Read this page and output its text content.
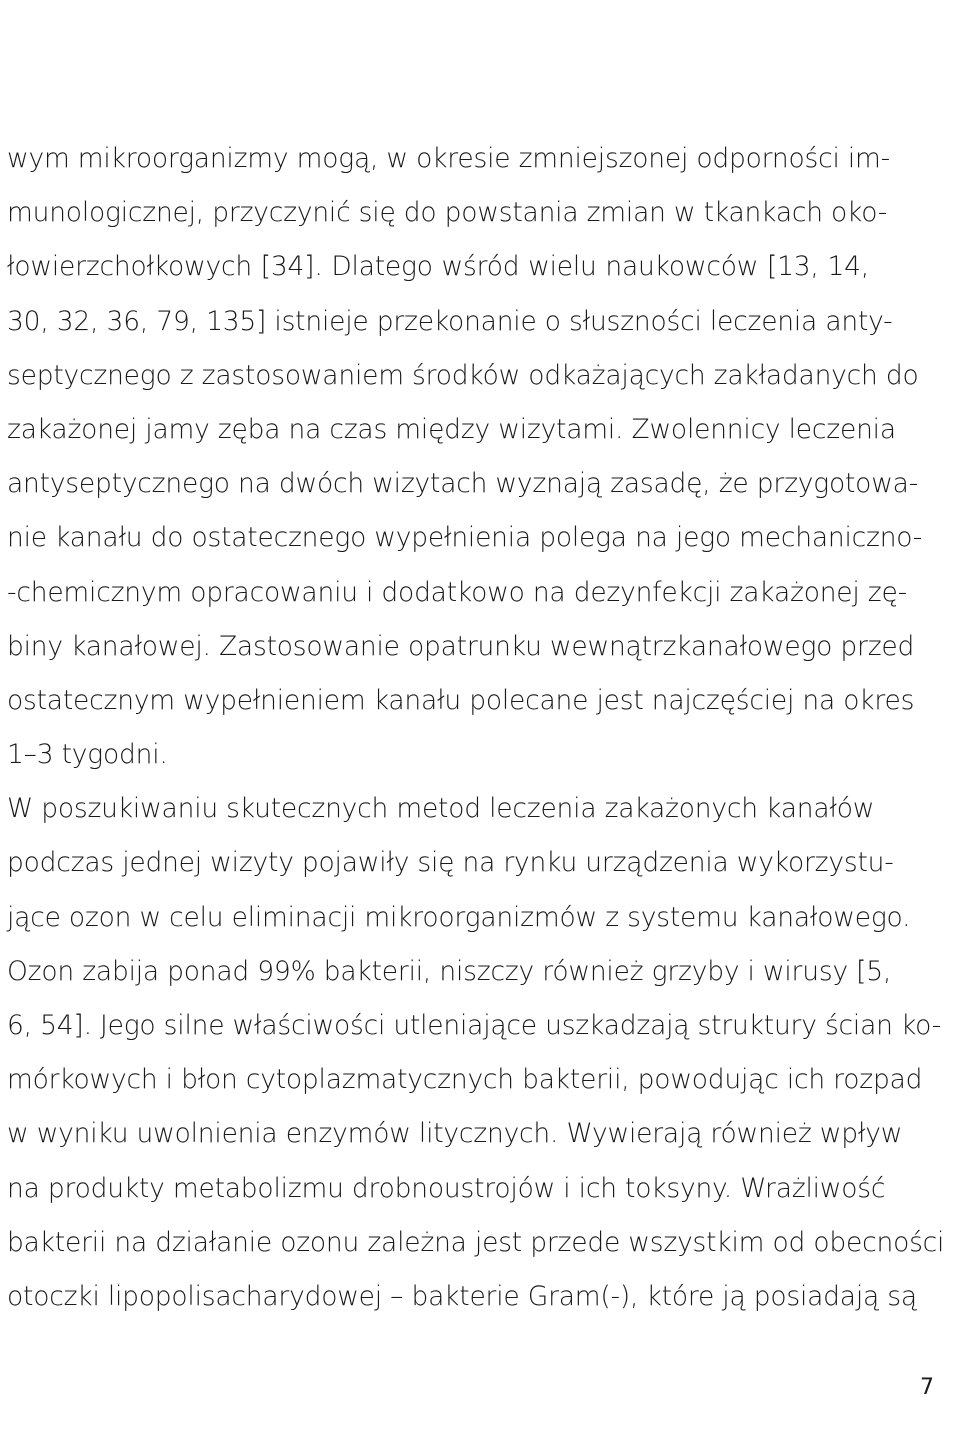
wym mikroorganizmy mogą, w okresie zmniejszonej odporności im-
munologicznej, przyczynić się do powstania zmian w tkankach oko-
łowierzchołkowych [34]. Dlatego wśród wielu naukowców [13, 14,
30, 32, 36, 79, 135] istnieje przekonanie o słuszności leczenia anty-
septycznego z zastosowaniem środków odkażających zakładanych do
zakażonej jamy zęba na czas między wizytami. Zwolennicy leczenia
antyseptycznego na dwóch wizytach wyznają zasadę, że przygotowa-
nie kanału do ostatecznego wypełnienia polega na jego mechaniczno-
-chemicznym opracowaniu i dodatkowo na dezynfekcji zakażonej zę-
biny kanałowej. Zastosowanie opatrunku wewnątrzkanałowego przed
ostatecznym wypełnieniem kanału polecane jest najczęściej na okres
1–3 tygodni.
W poszukiwaniu skutecznych metod leczenia zakażonych kanałów
podczas jednej wizyty pojawiły się na rynku urządzenia wykorzystu-
jące ozon w celu eliminacji mikroorganizmów z systemu kanałowego.
Ozon zabija ponad 99% bakterii, niszczy również grzyby i wirusy [5,
6, 54]. Jego silne właściwości utleniające uszkadzają struktury ścian ko-
mórkowych i błon cytoplazmatycznych bakterii, powodując ich rozpad
w wyniku uwolnienia enzymów litycznych. Wywierają również wpływ
na produkty metabolizmu drobnoustrojów i ich toksyny. Wrażliwość
bakterii na działanie ozonu zależna jest przede wszystkim od obecności
otoczki lipopolisacharydowej – bakterie Gram(-), które ją posiadają są
7
